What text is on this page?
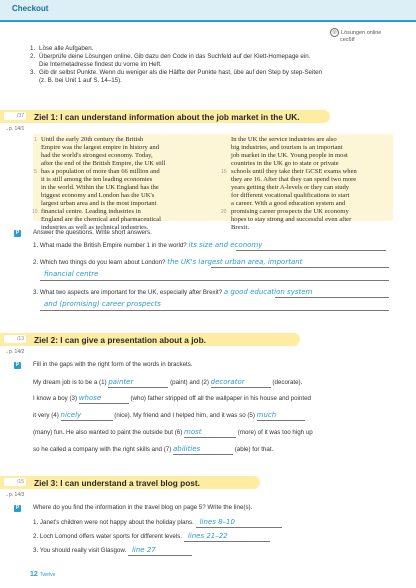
Checkout
◎ Lösungen online
cec6tf
1. Löse alle Aufgaben.
2. Überprüfe deine Lösungen online. Gib dazu den Code in das Suchfeld auf der Klett-Homepage ein.
Die Internetadresse findest du vorne im Heft.
3. Gib dir selbst Punkte. Wenn du weniger als die Hälfte der Punkte hast, übe auf den Step by step-Seiten
(z. B. bei Unit 1 auf S. 14–15).
/37 Ziel 1: I can understand information about the job market in the UK.
→p. 14/1
Until the early 20th century the British
Empire was the largest empire in history and
had the world's strongest economy. Today,
after the end of the British Empire, the UK still
has a population of more than 66 million and
it is still among the ten leading economies
in the world. Within the UK England has the
biggest economy and London has the UK's
largest urban area and is the most important
financial centre. Leading industries in
England are the chemical and pharmaceutical
industries as well as technical industries.
1
5
10
In the UK the service industries are also
big industries, and tourism is an important
job market in the UK. Young people in most
countries in the UK go to state or private
schools until they take their GCSE exams when
they are 16. After that they can spend two more
years getting their A-levels or they can study
for different vocational qualifications to start
a career. With a good education system and
promising career prospects the UK economy
hopes to stay strong and successful even after
Brexit.
15
20
P Answer the questions. Write short answers.
1. What made the British Empire number 1 in the world? its size and economy
2. Which two things do you learn about London? the UK's largest urban area, important
financial centre
3. What two aspects are important for the UK, especially after Brexit? a good education system
and (promising) career prospects
/13 Ziel 2: I can give a presentation about a job.
→p. 14/2
P Fill in the gaps with the right form of the words in brackets.
My dream job is to be a (1) painter	(paint) and (2) decorator	(decorate).
I know a boy (3) whose	(who) father stripped off all the wallpaper in his house and pointed
it very (4) nicely	(nice). My friend and I helped him, and it was so (5) much
(many) fun. He also wanted to paint the outside but (6) most	(more) of it was too high up
so he called a company with the right skills and (7) abilities	(able) for that.
/15 Ziel 3: I can understand a travel blog post.
→p. 14/3
P Where do you find the information in the travel blog on page 5? Write the line(s).
1. Janet's children were not happy about the holiday plans. lines 8–10
2. Loch Lomond offers water sports for different levels. lines 21–22
3. You should really visit Glasgow. line 27
12 Twelve
